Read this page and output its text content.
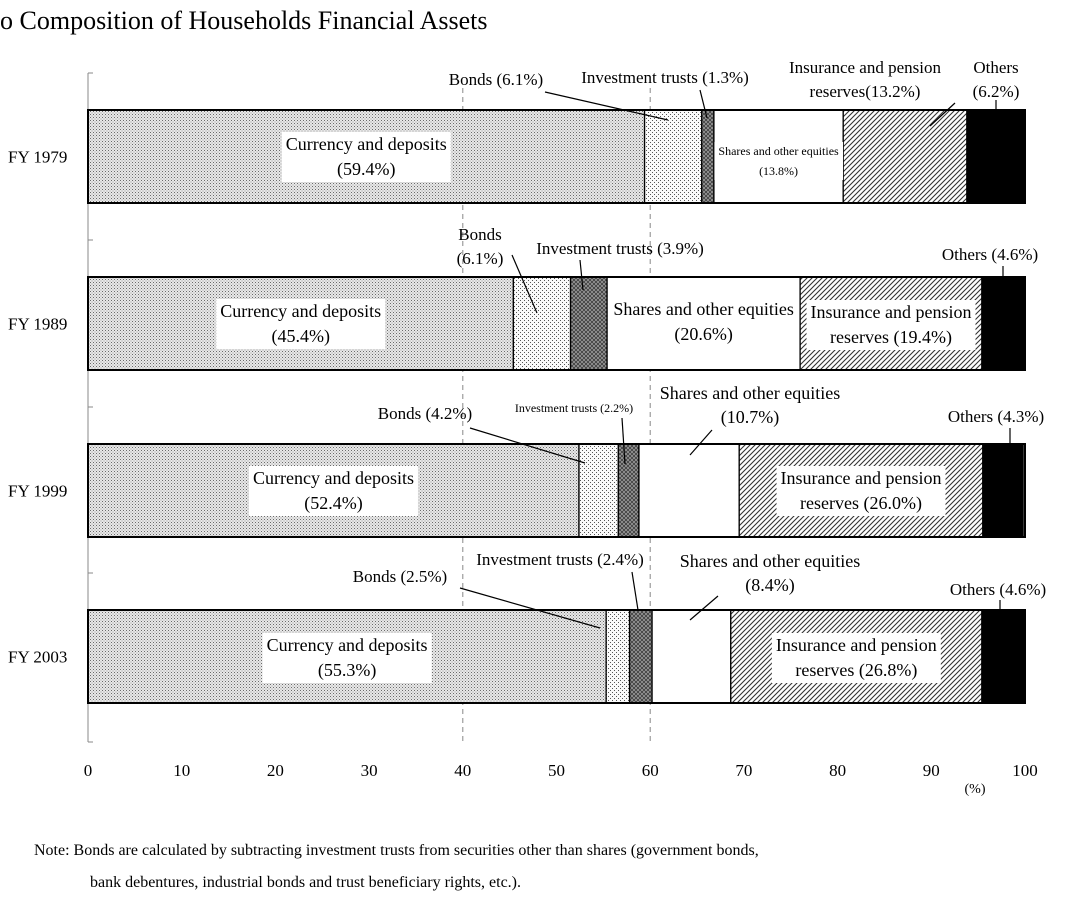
o Composition of Households Financial Assets
FY 1979
FY 1989
FY 1999
FY 2003
0	10	20	30	40	50	60	70	80	90	100
(%)
Currency and deposits
(59.4%)
Bonds (6.1%) Investment trusts (1.3%)
Shares and other equities
(13.8%)
Insurance and pension
reserves(13.2%)
Others
(6.2%)
Currency and deposits
(45.4%)
Bonds
(6.1%)
Investment trusts (3.9%)
Shares and other equities
(20.6%)
Insurance and pension
reserves (19.4%)
Others (4.6%)
Currency and deposits
(52.4%)
Bonds (4.2%)	Investment trusts (2.2%)
Shares and other equities
(10.7%)
Insurance and pension
reserves (26.0%)
Others (4.3%)
Currency and deposits
(55.3%)
Bonds (2.5%)
Investment trusts (2.4%) Shares and other equities
(8.4%)
Insurance and pension
reserves (26.8%)
Others (4.6%)
Note: Bonds are calculated by subtracting investment trusts from securities other than shares (government bonds,
bank debentures, industrial bonds and trust beneficiary rights, etc.).
